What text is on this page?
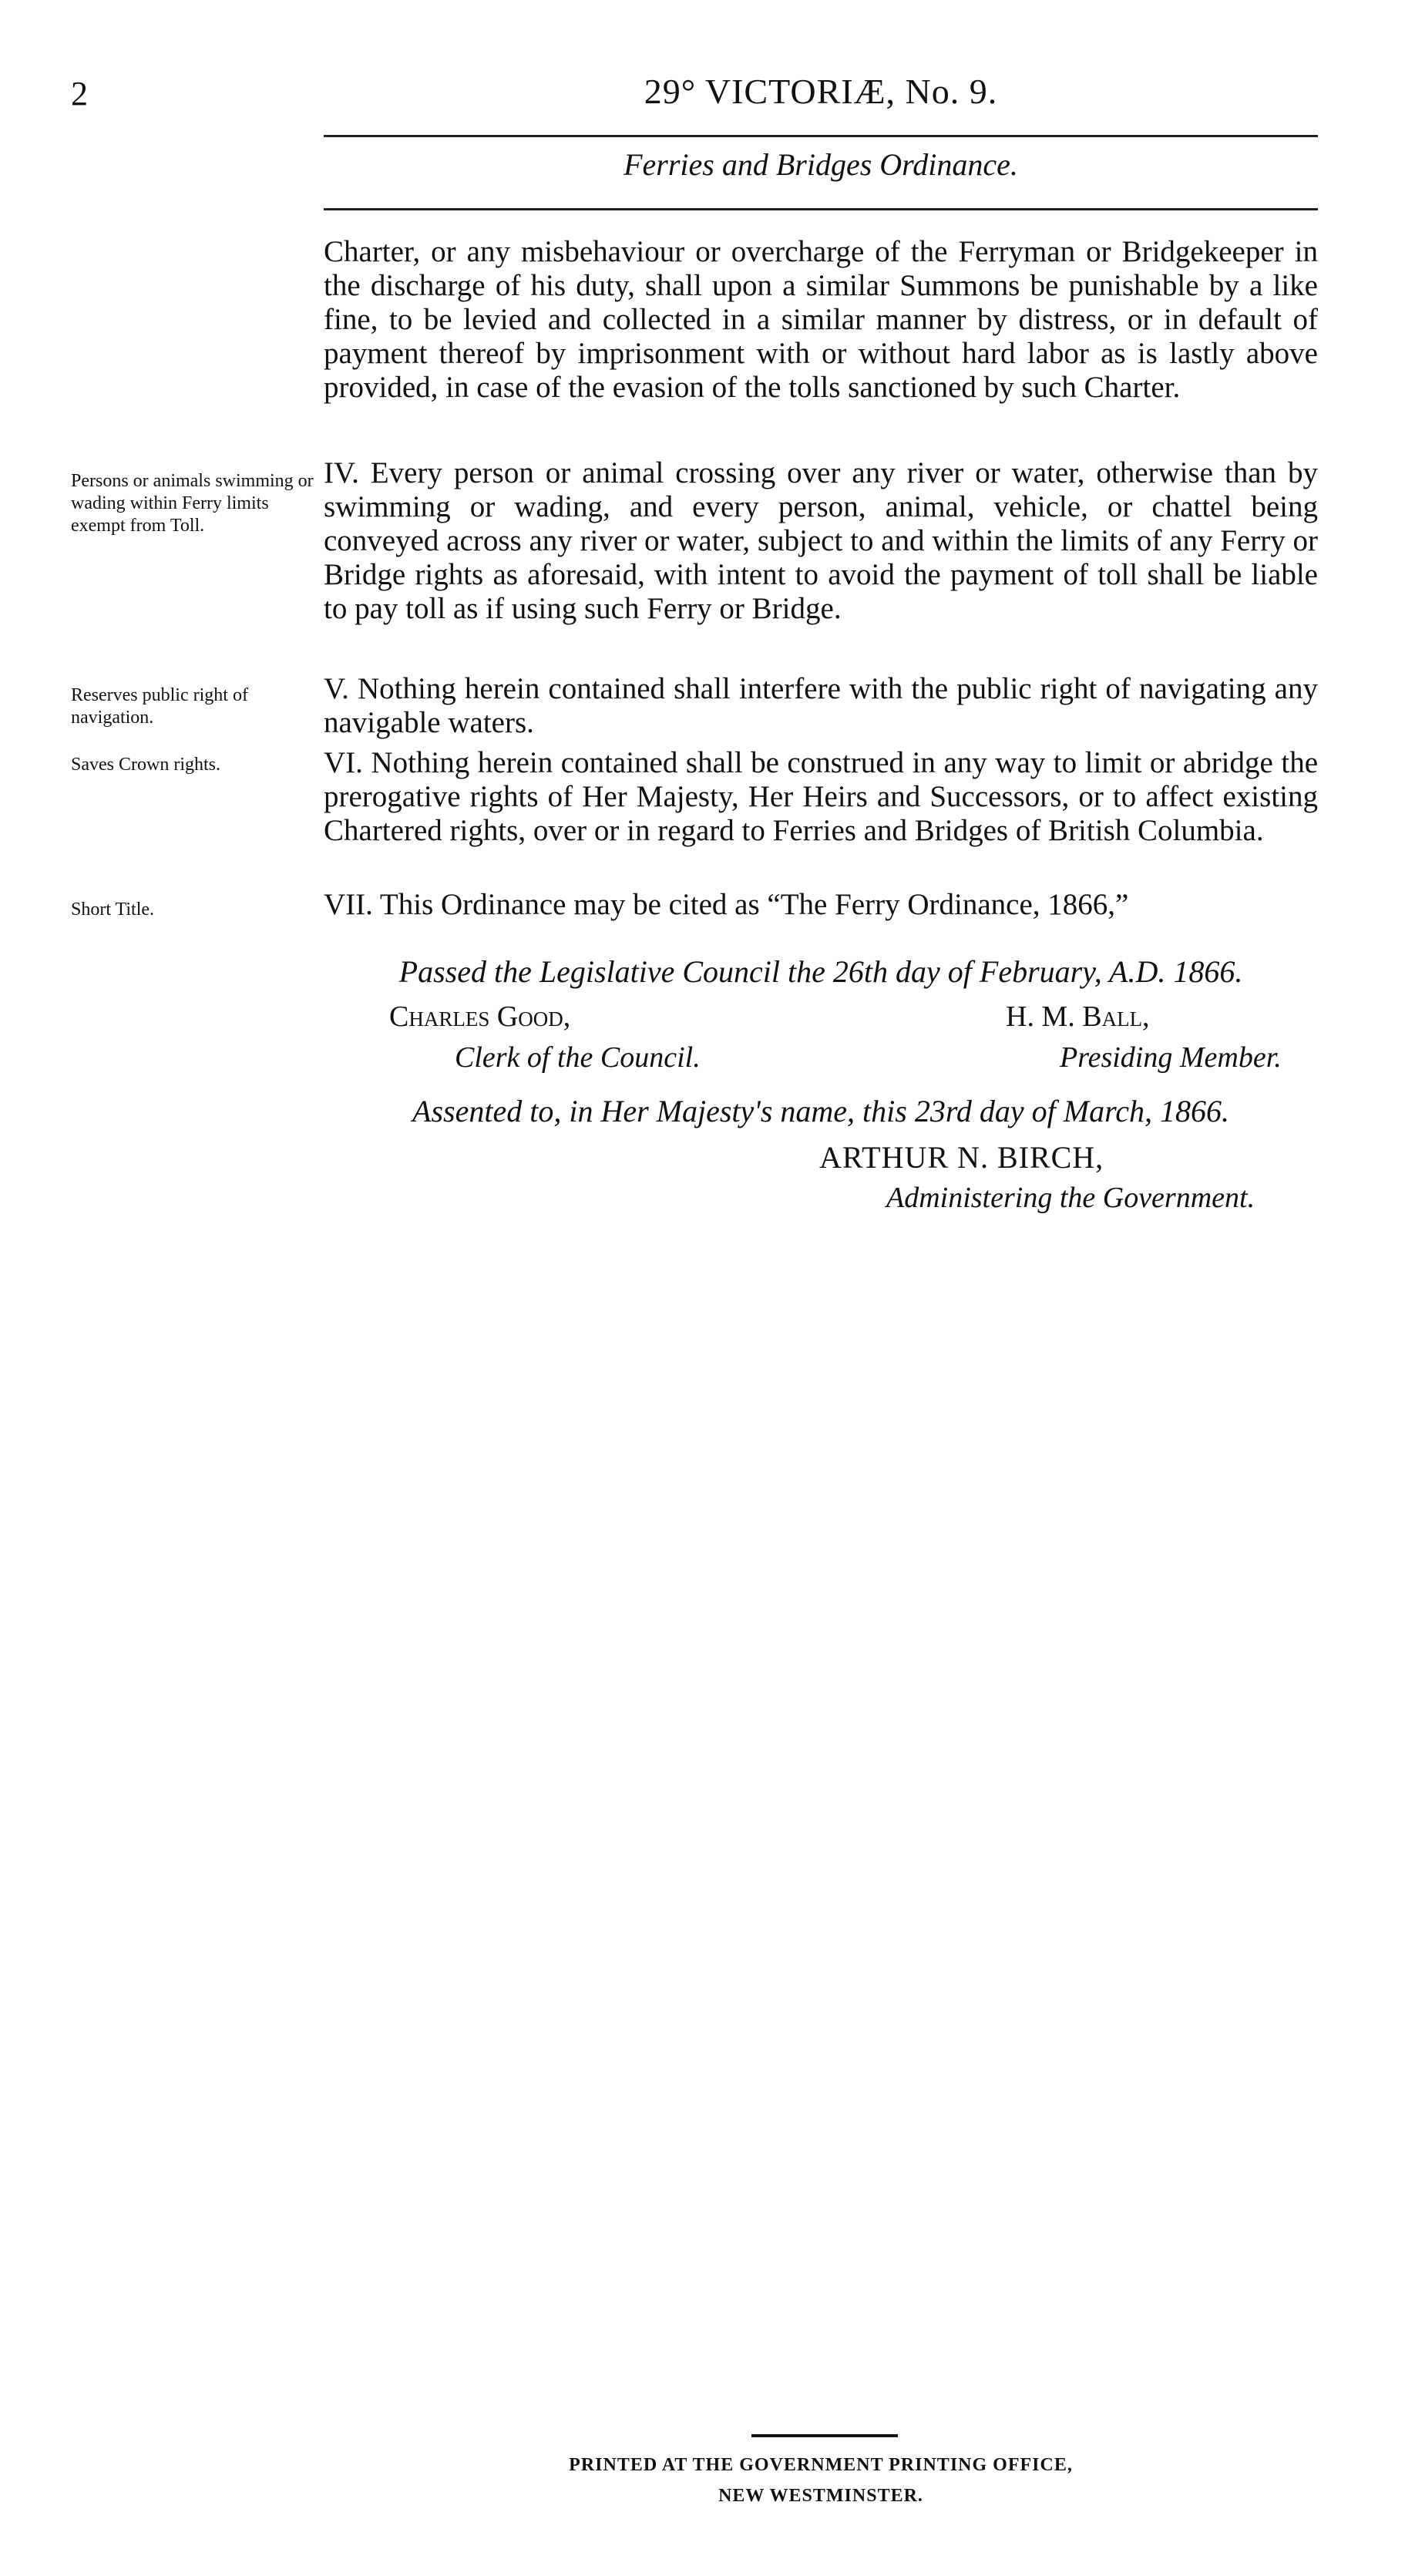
2	29° VICTORIÆ, No. 9.
Ferries and Bridges Ordinance.

Charter, or any misbehaviour or overcharge of the Ferryman or Bridgekeeper in the discharge of his duty, shall upon a similar Summons be punishable by a like fine, to be levied and collected in a similar manner by distress, or in default of payment thereof by imprisonment with or without hard labor as is lastly above provided, in case of the evasion of the tolls sanctioned by such Charter.

Persons or animals swimming or wading within Ferry limits exempt from Toll.

IV. Every person or animal crossing over any river or water, otherwise than by swimming or wading, and every person, animal, vehicle, or chattel being conveyed across any river or water, subject to and within the limits of any Ferry or Bridge rights as aforesaid, with intent to avoid the payment of toll shall be liable to pay toll as if using such Ferry or Bridge.

Reserves public right of navigation.

V. Nothing herein contained shall interfere with the public right of navigating any navigable waters.

Saves Crown rights.	VI. Nothing herein contained shall be construed in any way to limit or abridge the prerogative rights of Her Majesty, Her Heirs and Successors, or to affect existing Chartered rights, over or in regard to Ferries and Bridges of British Columbia.

Short Title.	VII. This Ordinance may be cited as “The Ferry Ordinance, 1866,”

Passed the Legislative Council the 26th day of February, A.D. 1866.
Charles Good,
Clerk of the Council.
H. M. Ball,
Presiding Member.
Assented to, in Her Majesty's name, this 23rd day of March, 1866.
ARTHUR N. BIRCH,
Administering the Government.
PRINTED AT THE GOVERNMENT PRINTING OFFICE,
NEW WESTMINSTER.
